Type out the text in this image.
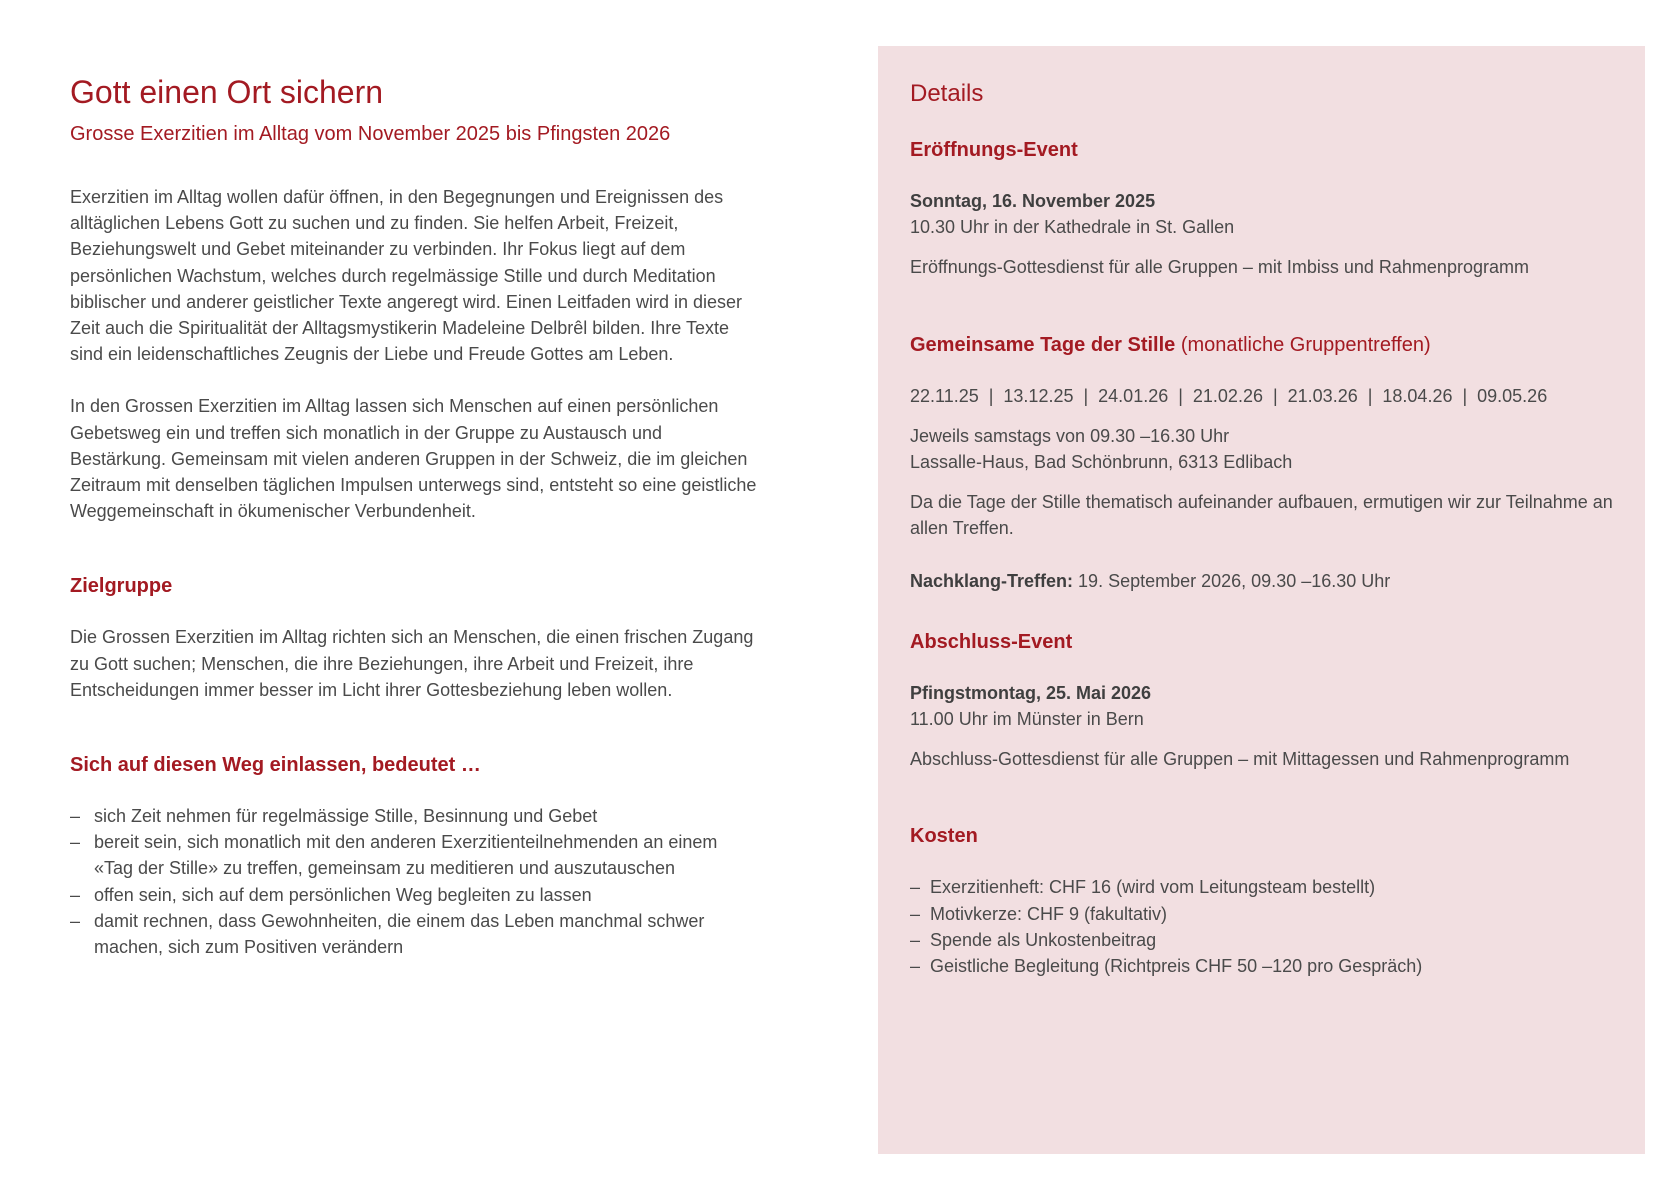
Gott einen Ort sichern
Grosse Exerzitien im Alltag vom November 2025 bis Pfingsten 2026

Exerzitien im Alltag wollen dafür öffnen, in den Begegnungen und Ereignissen des alltäglichen Lebens Gott zu suchen und zu finden. Sie helfen Arbeit, Freizeit, Beziehungswelt und Gebet miteinander zu verbinden. Ihr Fokus liegt auf dem persönlichen Wachstum, welches durch regelmässige Stille und durch Meditation biblischer und anderer geistlicher Texte angeregt wird. Einen Leitfaden wird in dieser Zeit auch die Spiritualität der Alltagsmystikerin Madeleine Delbrêl bilden. Ihre Texte sind ein leidenschaftliches Zeugnis der Liebe und Freude Gottes am Leben.

In den Grossen Exerzitien im Alltag lassen sich Menschen auf einen persönlichen Gebetsweg ein und treffen sich monatlich in der Gruppe zu Austausch und Bestärkung. Gemeinsam mit vielen anderen Gruppen in der Schweiz, die im gleichen Zeitraum mit denselben täglichen Impulsen unterwegs sind, entsteht so eine geistliche Weggemeinschaft in ökumenischer Verbundenheit.

Zielgruppe

Die Grossen Exerzitien im Alltag richten sich an Menschen, die einen frischen Zugang zu Gott suchen; Menschen, die ihre Beziehungen, ihre Arbeit und Freizeit, ihre Entscheidungen immer besser im Licht ihrer Gottesbeziehung leben wollen.

Sich auf diesen Weg einlassen, bedeutet …
– sich Zeit nehmen für regelmässige Stille, Besinnung und Gebet
– bereit sein, sich monatlich mit den anderen Exerzitienteilnehmenden an einem «Tag der Stille» zu treffen, gemeinsam zu meditieren und auszutauschen
– offen sein, sich auf dem persönlichen Weg begleiten zu lassen
– damit rechnen, dass Gewohnheiten, die einem das Leben manchmal schwer machen, sich zum Positiven verändern
Details
Eröffnungs-Event

Sonntag, 16. November 2025

10.30 Uhr in der Kathedrale in St. Gallen

Eröffnungs-Gottesdienst für alle Gruppen – mit Imbiss und Rahmenprogramm

Gemeinsame Tage der Stille (monatliche Gruppentreffen)

22.11.25  |  13.12.25  |  24.01.26  |  21.02.26  |  21.03.26  |  18.04.26  |  09.05.26

Jeweils samstags von 09.30 –16.30 Uhr

Lassalle-Haus, Bad Schönbrunn, 6313 Edlibach

Da die Tage der Stille thematisch aufeinander aufbauen, ermutigen wir zur Teilnahme an allen Treffen.

Nachklang-Treffen: 19. September 2026, 09.30 –16.30 Uhr

Abschluss-Event

Pfingstmontag, 25. Mai 2026

11.00 Uhr im Münster in Bern

Abschluss-Gottesdienst für alle Gruppen – mit Mittagessen und Rahmenprogramm

Kosten
– Exerzitienheft: CHF 16 (wird vom Leitungsteam bestellt)
– Motivkerze: CHF 9 (fakultativ)
– Spende als Unkostenbeitrag
– Geistliche Begleitung (Richtpreis CHF 50 –120 pro Gespräch)
